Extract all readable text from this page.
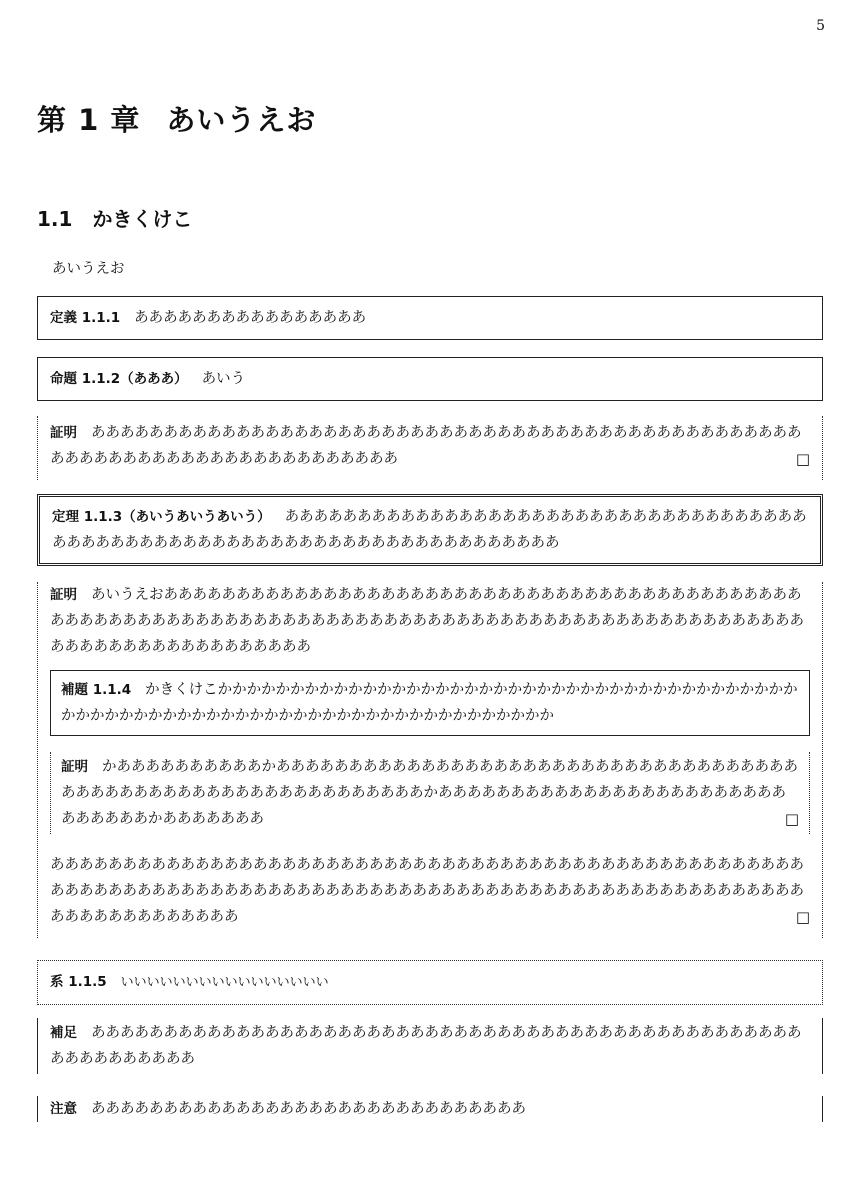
5
第 1 章 あいうえお
1.1 かきくけこ

あいうえお

定義 1.1.1 ああああああああああああああああ
命題 1.1.2（あああ） あいう

証明 あああああああああああああああああああああああああああああああああああああああああああああああああああああああああああああああああああああああああ	□

定理 1.1.3（あいうあいうあいう） あああああああああああああああああああああああああああああああああああああああああああああああああああああああああああああああああああああああ

証明 あいうえおああああああああああああああああああああああああああああああああああああああああああああああああああああああああああああああああああああああああああああああああああああああああああああああああああああああああああああああああああ

補題 1.1.4 かきくけこかかかかかかかかかかかかかかかかかかかかかかかかかかかかかかかかかかかかかかかかかかかかかかかかかかかかかかかかかかかかかかかかかかかかかかかかかか

証明 かああああああああああかあああああああああああああああああああああああああああああああああああああああああああああああああああああああああああああかああああああああああああああああああああああああああああああかあああああああ	□

あああああああああああああああああああああああああああああああああああああああああああああああああああああああああああああああああああああああああああああああああああああああああああああああああああああああああああああああああああああ	□
系 1.1.5 いいいいいいいいいいいいいいいい

補足 あああああああああああああああああああああああああああああああああああああああああああああああああああああああああああ

注意 ああああああああああああああああああああああああああああああ
